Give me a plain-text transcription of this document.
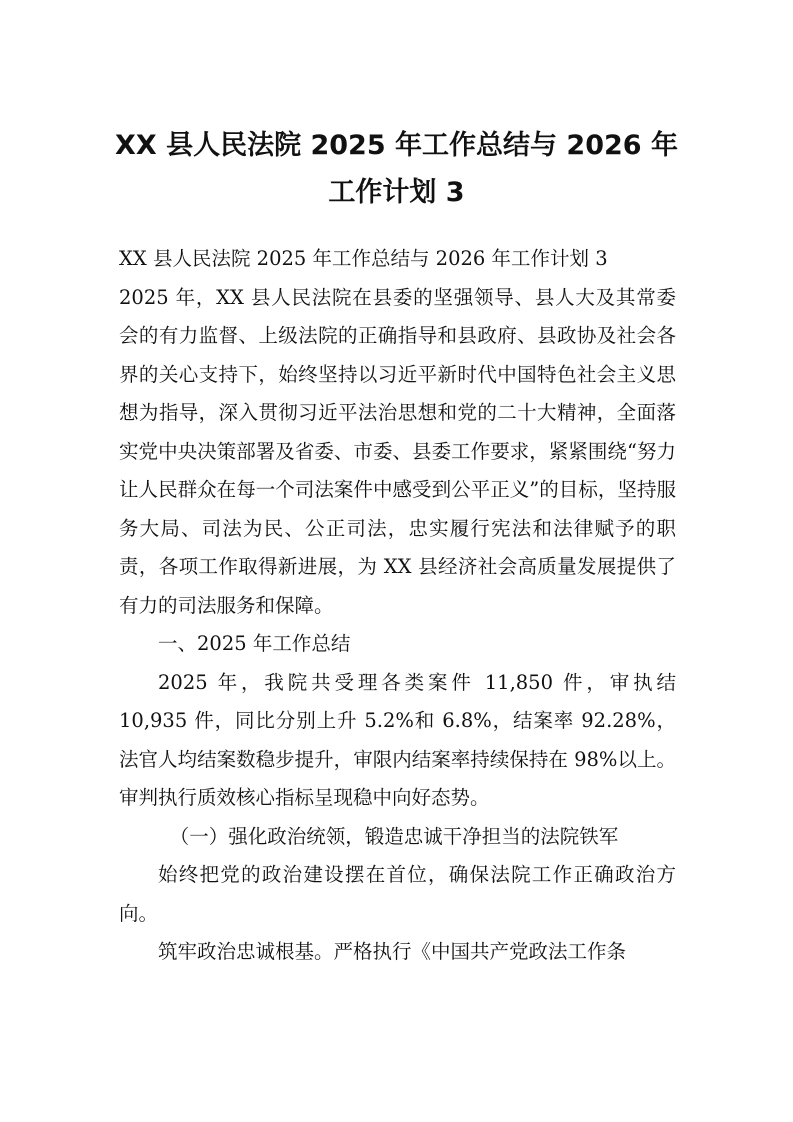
XX 县人民法院 2025 年工作总结与 2026 年
工作计划 3

XX 县人民法院 2025 年工作总结与 2026 年工作计划 3

2025 年，XX 县人民法院在县委的坚强领导、县人大及其常委会的有力监督、上级法院的正确指导和县政府、县政协及社会各界的关心支持下，始终坚持以习近平新时代中国特色社会主义思想为指导，深入贯彻习近平法治思想和党的二十大精神，全面落实党中央决策部署及省委、市委、县委工作要求，紧紧围绕“努力让人民群众在每一个司法案件中感受到公平正义”的目标，坚持服务大局、司法为民、公正司法，忠实履行宪法和法律赋予的职责，各项工作取得新进展，为 XX 县经济社会高质量发展提供了有力的司法服务和保障。

一、2025 年工作总结

2025 年，我院共受理各类案件 11,850 件，审执结 10,935 件，同比分别上升 5.2%和 6.8%，结案率 92.28%，法官人均结案数稳步提升，审限内结案率持续保持在 98%以上。审判执行质效核心指标呈现稳中向好态势。

（一）强化政治统领，锻造忠诚干净担当的法院铁军

始终把党的政治建设摆在首位，确保法院工作正确政治方向。

筑牢政治忠诚根基。严格执行《中国共产党政法工作条
